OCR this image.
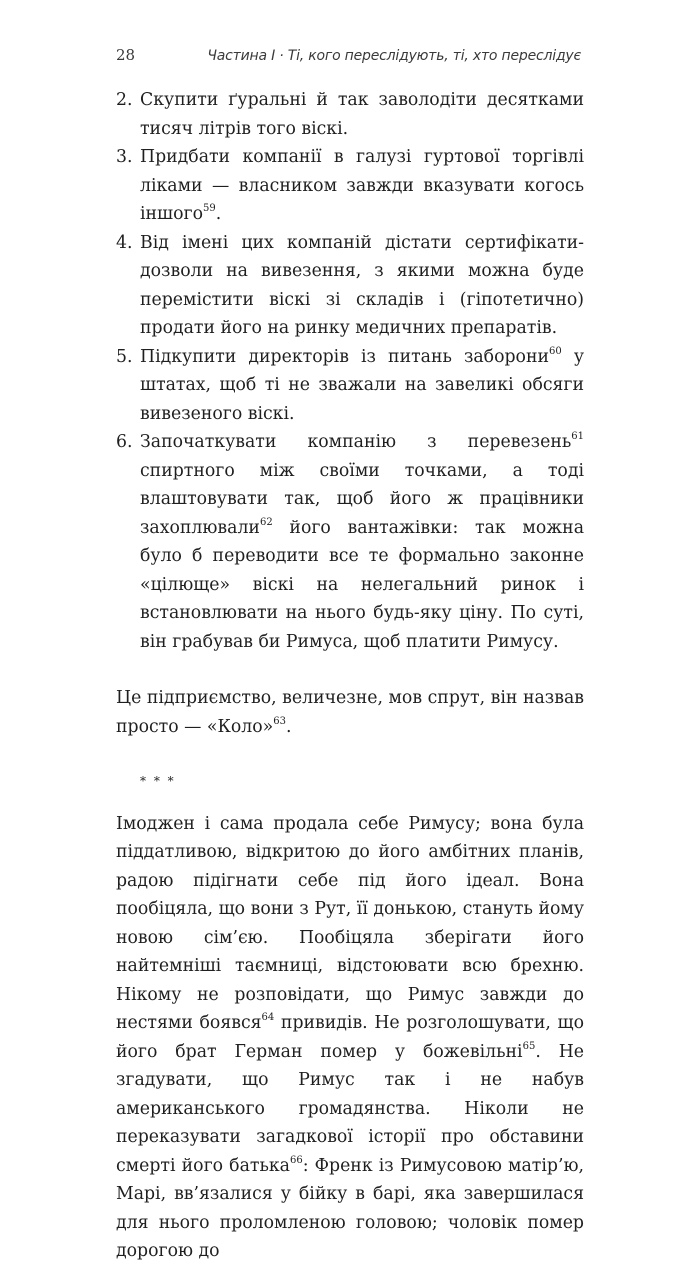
28	Частина I · Ті, кого переслідують, ті, хто переслідує
2. Скупити ґуральні й так заволодіти десятками тисяч літрів того віскі.
3. Придбати компанії в галузі гуртової торгівлі ліками — власником завжди вказувати когось іншого$^{59}$.
4. Від імені цих компаній дістати сертифікати-дозволи на вивезення, з якими можна буде перемістити віскі зі складів і (гіпотетично) продати його на ринку медичних препаратів.
5. Підкупити директорів із питань заборони$^{60}$ у штатах, щоб ті не зважали на завеликі обсяги вивезеного віскі.
6. Започаткувати компанію з перевезень$^{61}$ спиртного між своїми точками, а тоді влаштовувати так, щоб його ж працівники захоплювали$^{62}$ його вантажівки: так можна було б переводити все те формально законне «цілюще» віскі на нелегальний ринок і встановлювати на нього будь-яку ціну. По суті, він грабував би Римуса, щоб платити Римусу.

Це підприємство, величезне, мов спрут, він назвав просто — «Коло»$^{63}$.

* * *

Імоджен і сама продала себе Римусу; вона була піддатливою, відкритою до його амбітних планів, радою підігнати себе під його ідеал. Вона пообіцяла, що вони з Рут, її донькою, стануть йому новою сім’єю. Пообіцяла зберігати його найтемніші таємниці, відстоювати всю брехню. Нікому не розповідати, що Римус завжди до нестями боявся$^{64}$ привидів. Не розголошувати, що його брат Герман помер у божевільні$^{65}$. Не згадувати, що Римус так і не набув американського громадянства. Ніколи не переказувати загадкової історії про обставини смерті його батька$^{66}$: Френк із Римусовою матір’ю, Марі, вв’язалися у бійку в барі, яка завершилася для нього проломленою головою; чоловік помер дорогою до
